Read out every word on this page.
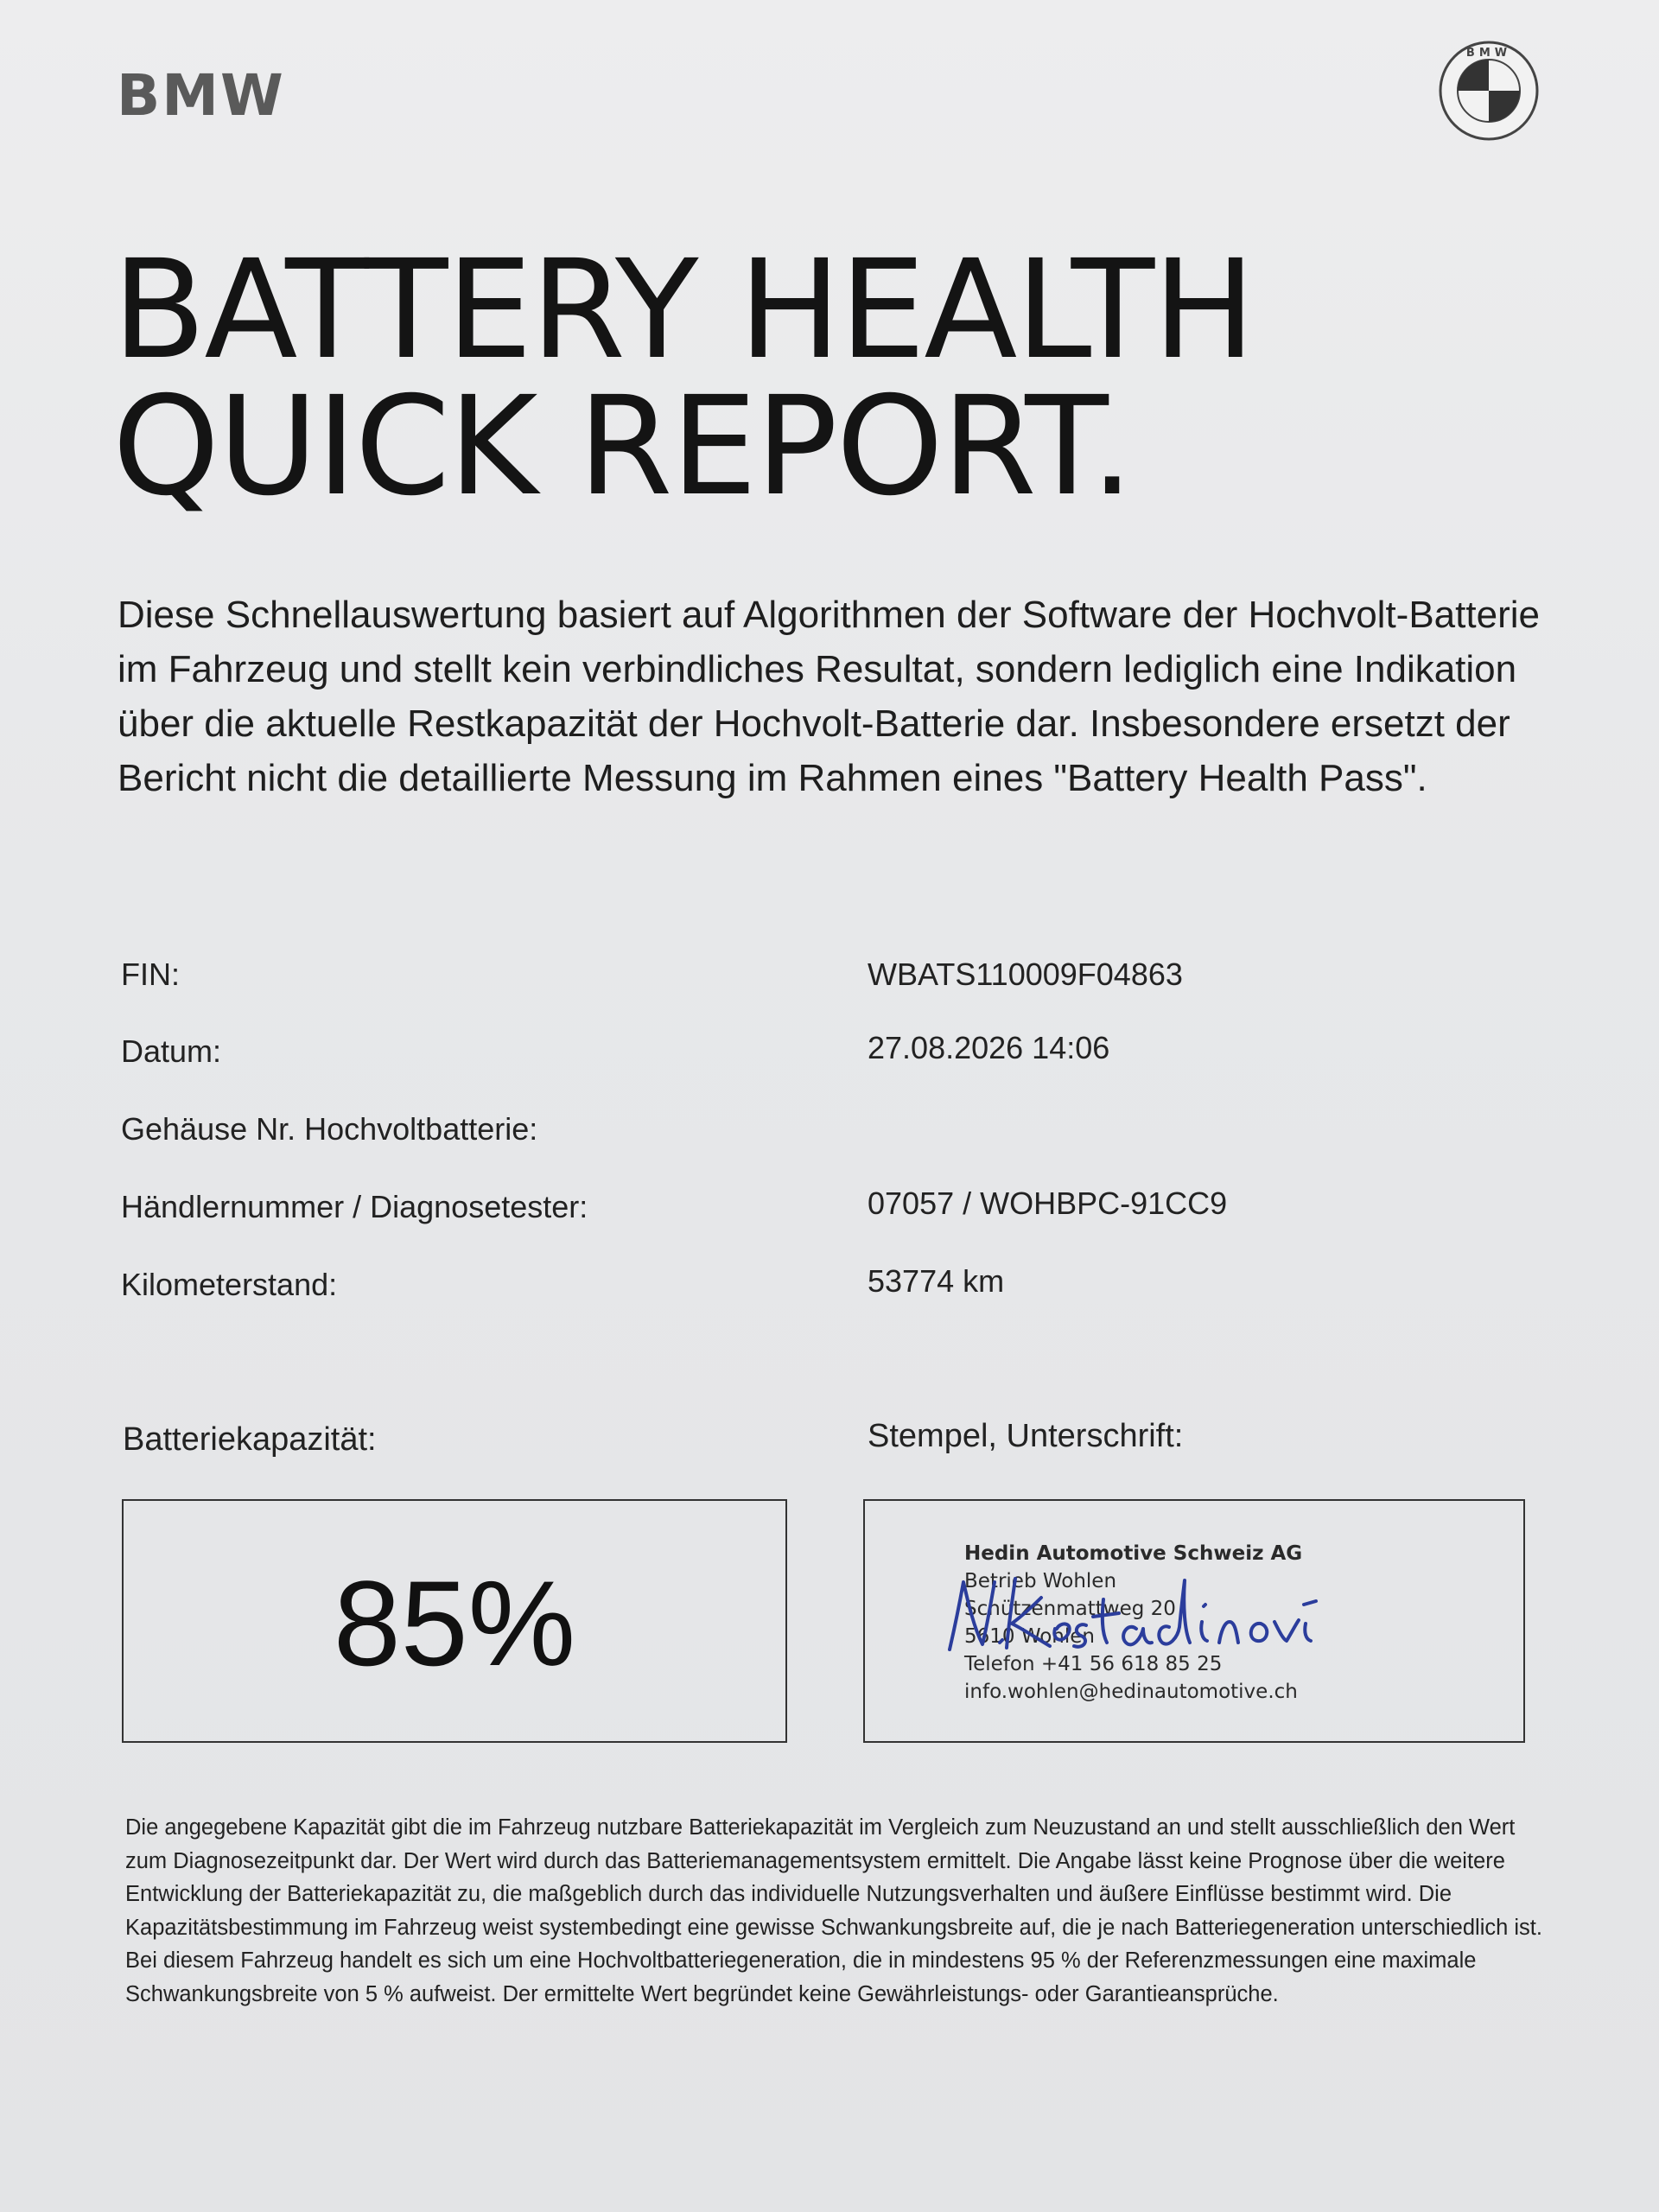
BMW
BMW
BATTERY HEALTH
QUICK REPORT.

Diese Schnellauswertung basiert auf Algorithmen der Software der Hochvolt-Batterie im Fahrzeug und stellt kein verbindliches Resultat, sondern lediglich eine Indikation über die aktuelle Restkapazität der Hochvolt-Batterie dar. Insbesondere ersetzt der Bericht nicht die detaillierte Messung im Rahmen eines "Battery Health Pass".

FIN:	WBATS110009F04863
Datum:	27.08.2026 14:06
Gehäuse Nr. Hochvoltbatterie:
Händlernummer / Diagnosetester:	07057 / WOHBPC-91CC9
Kilometerstand:	53774 km
Batteriekapazität:	Stempel, Unterschrift:
85%
Hedin Automotive Schweiz AG
Betrieb Wohlen
Schützenmattweg 20
5610 Wohlen
Telefon +41 56 618 85 25
info.wohlen@hedinautomotive.ch

Die angegebene Kapazität gibt die im Fahrzeug nutzbare Batteriekapazität im Vergleich zum Neuzustand an und stellt ausschließlich den Wert zum Diagnosezeitpunkt dar. Der Wert wird durch das Batteriemanagementsystem ermittelt. Die Angabe lässt keine Prognose über die weitere Entwicklung der Batteriekapazität zu, die maßgeblich durch das individuelle Nutzungsverhalten und äußere Einflüsse bestimmt wird. Die Kapazitätsbestimmung im Fahrzeug weist systembedingt eine gewisse Schwankungsbreite auf, die je nach Batteriegeneration unterschiedlich ist. Bei diesem Fahrzeug handelt es sich um eine Hochvoltbatteriegeneration, die in mindestens 95 % der Referenzmessungen eine maximale Schwankungsbreite von 5 % aufweist. Der ermittelte Wert begründet keine Gewährleistungs- oder Garantieansprüche.
